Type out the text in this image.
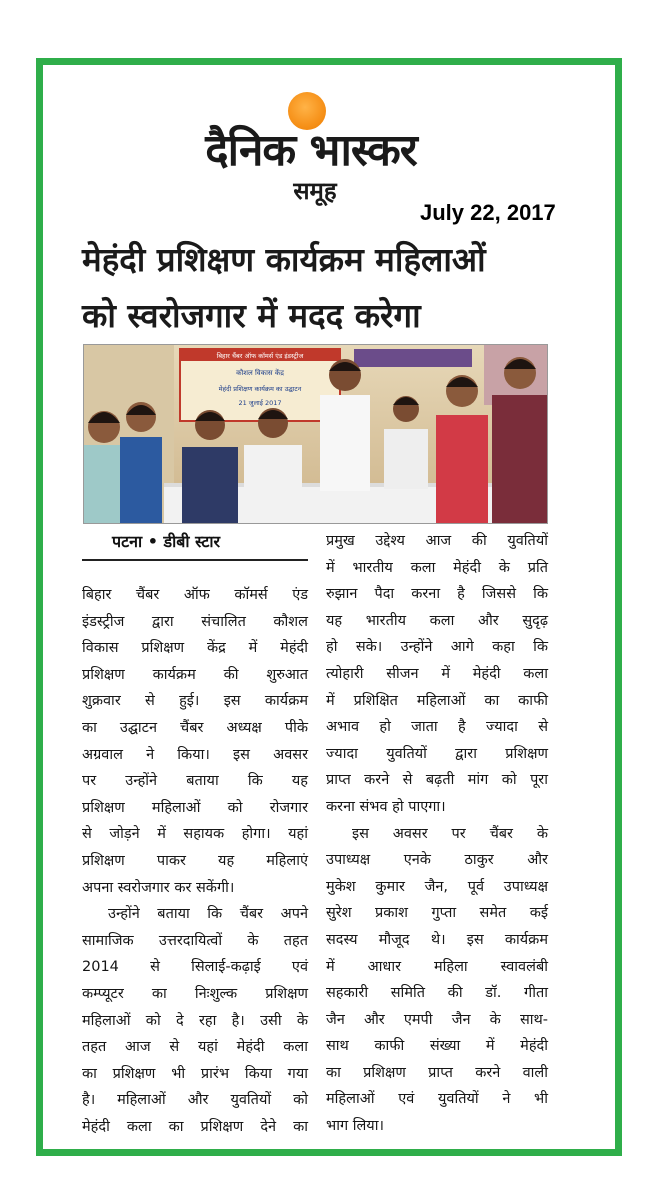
दैनिक भास्कर
समूह
July 22, 2017
मेहंदी प्रशिक्षण कार्यक्रम महिलाओं
को स्वरोजगार में मदद करेगा
बिहार चैंबर ऑफ कॉमर्स एंड इंडस्ट्रीज
कौशल विकास केंद्र
मेहंदी प्रशिक्षण कार्यक्रम का उद्घाटन
21 जुलाई 2017
पटना • डीबी स्टार
बिहार चैंबर ऑफ कॉमर्स एंड
इंडस्ट्रीज द्वारा संचालित कौशल
विकास प्रशिक्षण केंद्र में मेहंदी
प्रशिक्षण कार्यक्रम की शुरुआत
शुक्रवार से हुई। इस कार्यक्रम
का उद्घाटन चैंबर अध्यक्ष पीके
अग्रवाल ने किया। इस अवसर
पर उन्होंने बताया कि यह
प्रशिक्षण महिलाओं को रोजगार
से जोड़ने में सहायक होगा। यहां
प्रशिक्षण पाकर यह महिलाएं
अपना स्वरोजगार कर सकेंगी।
उन्होंने बताया कि चैंबर अपने
सामाजिक उत्तरदायित्वों के तहत
2014 से सिलाई-कढ़ाई एवं
कम्प्यूटर का निःशुल्क प्रशिक्षण
महिलाओं को दे रहा है। उसी के
तहत आज से यहां मेहंदी कला
का प्रशिक्षण भी प्रारंभ किया गया
है। महिलाओं और युवतियों को
मेहंदी कला का प्रशिक्षण देने का
प्रमुख उद्देश्य आज की युवतियों
में भारतीय कला मेहंदी के प्रति
रुझान पैदा करना है जिससे कि
यह भारतीय कला और सुदृढ़
हो सके। उन्होंने आगे कहा कि
त्योहारी सीजन में मेहंदी कला
में प्रशिक्षित महिलाओं का काफी
अभाव हो जाता है ज्यादा से
ज्यादा युवतियों द्वारा प्रशिक्षण
प्राप्त करने से बढ़ती मांग को पूरा
करना संभव हो पाएगा।
इस अवसर पर चैंबर के
उपाध्यक्ष एनके ठाकुर और
मुकेश कुमार जैन, पूर्व उपाध्यक्ष
सुरेश प्रकाश गुप्ता समेत कई
सदस्य मौजूद थे। इस कार्यक्रम
में आधार महिला स्वावलंबी
सहकारी समिति की डॉ. गीता
जैन और एमपी जैन के साथ-
साथ काफी संख्या में मेहंदी
का प्रशिक्षण प्राप्त करने वाली
महिलाओं एवं युवतियों ने भी
भाग लिया।
